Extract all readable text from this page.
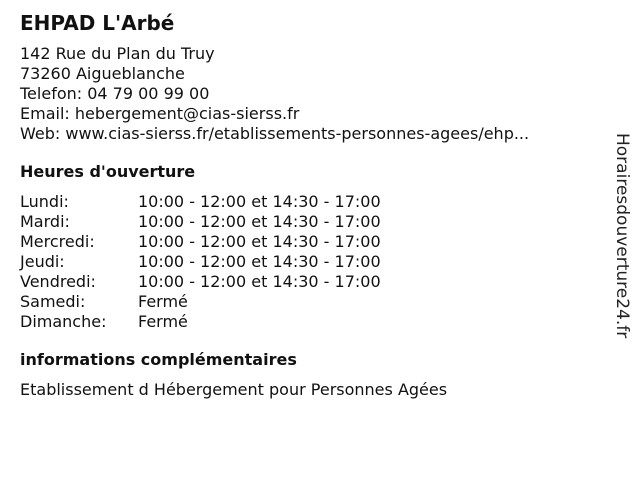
EHPAD L'Arbé
142 Rue du Plan du Truy
73260 Aigueblanche
Telefon: 04 79 00 99 00
Email: hebergement@cias-sierss.fr
Web: www.cias-sierss.fr/etablissements-personnes-agees/ehp...
Heures d'ouverture
Lundi:	10:00 - 12:00 et 14:30 - 17:00
Mardi:	10:00 - 12:00 et 14:30 - 17:00
Mercredi:	10:00 - 12:00 et 14:30 - 17:00
Jeudi:	10:00 - 12:00 et 14:30 - 17:00
Vendredi:	10:00 - 12:00 et 14:30 - 17:00
Samedi:	Fermé
Dimanche:	Fermé
informations complémentaires
Etablissement d Hébergement pour Personnes Agées
Horairesdouverture24.fr
